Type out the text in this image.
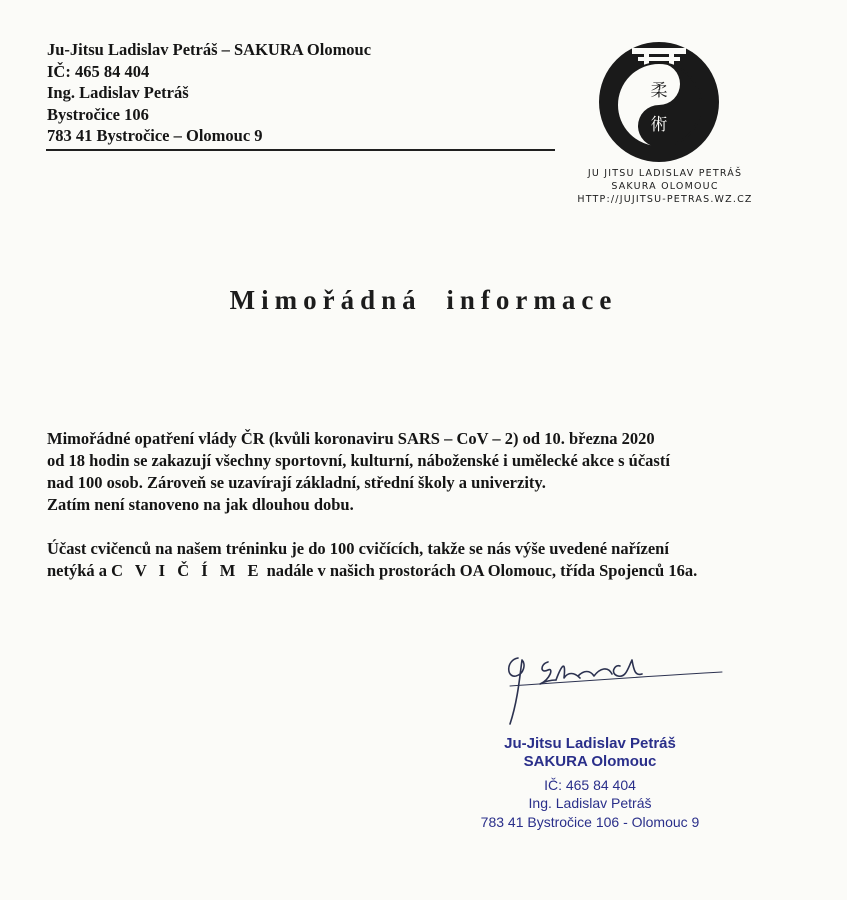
Ju-Jitsu Ladislav Petráš – SAKURA Olomouc
IČ: 465 84 404
Ing. Ladislav Petráš
Bystročice 106
783 41 Bystročice – Olomouc 9
柔
術
JU JITSU LADISLAV PETRÁŠ
SAKURA OLOMOUC
HTTP://JUJITSU-PETRAS.WZ.CZ
Mimořádná informace
Mimořádné opatření vlády ČR (kvůli koronaviru SARS – CoV – 2) od 10. března 2020
od 18 hodin se zakazují všechny sportovní, kulturní, náboženské i umělecké akce s účastí
nad 100 osob. Zároveň se uzavírají základní, střední školy a univerzity.
Zatím není stanoveno na jak dlouhou dobu.
Účast cvičenců na našem tréninku je do 100 cvičících, takže se nás výše uvedené nařízení
netýká a C V I Č Í M E nadále v našich prostorách OA Olomouc, třída Spojenců 16a.
Ju-Jitsu Ladislav Petráš
SAKURA Olomouc
IČ: 465 84 404
Ing. Ladislav Petráš
783 41 Bystročice 106 - Olomouc 9
